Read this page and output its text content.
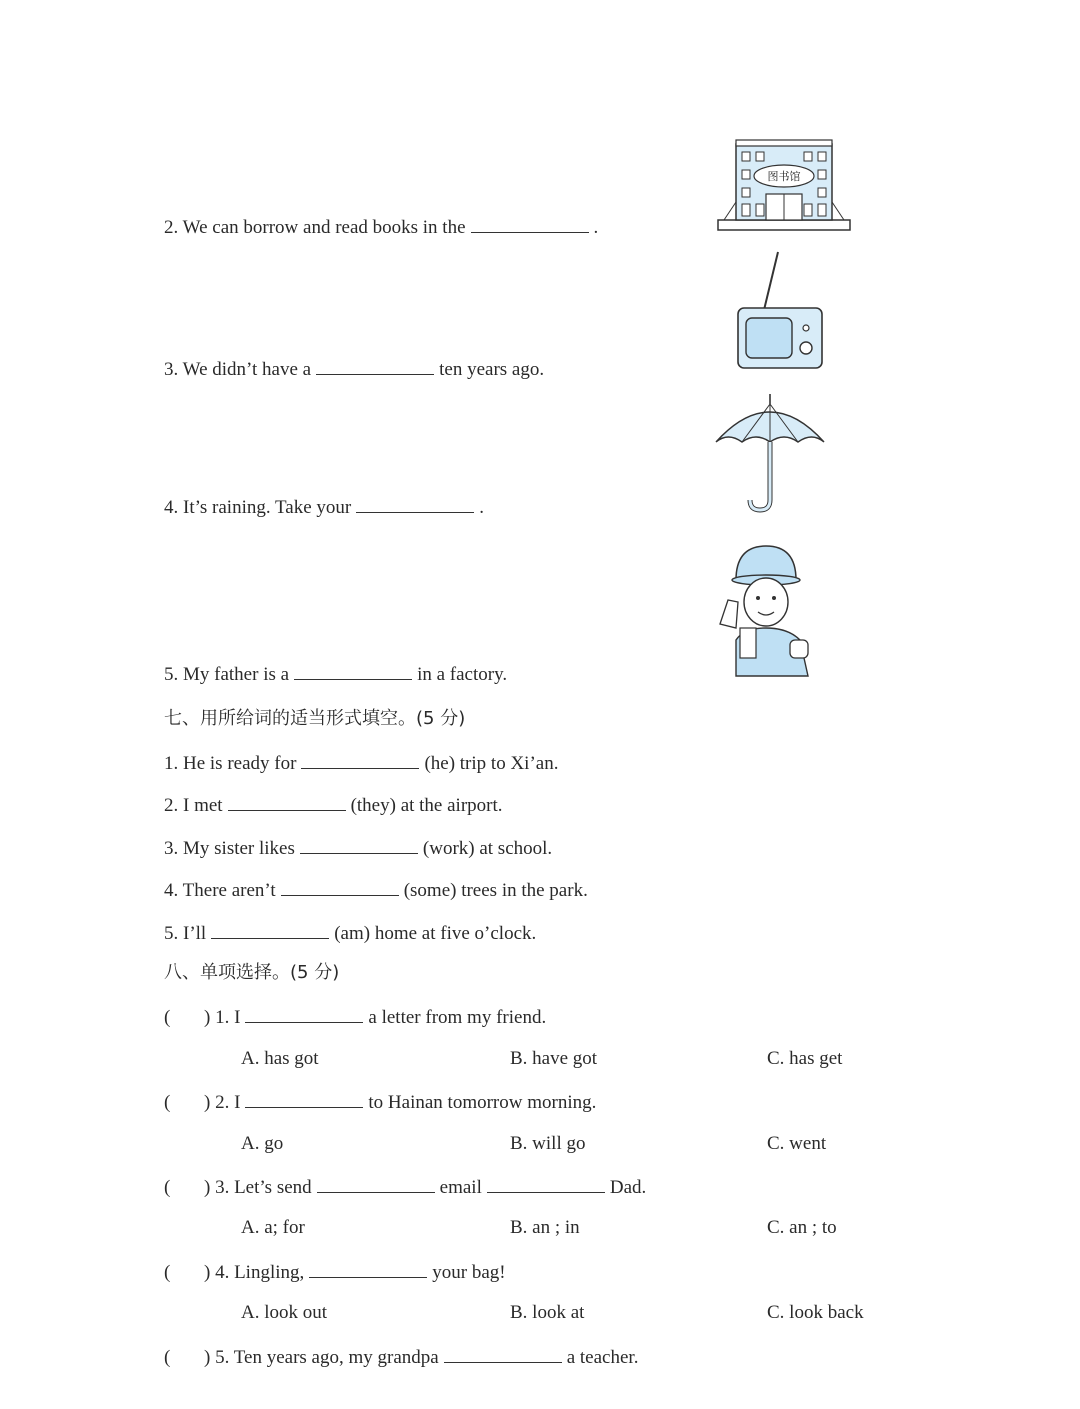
2. We can borrow and read books in the	.
3. We didn’t have a	ten years ago.
4. It’s raining. Take your	.
5. My father is a	in a factory.
图书馆
七、用所给词的适当形式填空。(5 分)
1. He is ready for	(he) trip to Xi’an.
2. I met	(they) at the airport.
3. My sister likes	(work) at school.
4. There aren’t	(some) trees in the park.
5. I’ll	(am) home at five o’clock.
八、单项选择。(5 分)
( ) 1. I	a letter from my friend.
A. has got	B. have got	C. has get
( ) 2. I	to Hainan tomorrow morning.
A. go	B. will go	C. went
( ) 3. Let’s send	email	Dad.
A. a; for	B. an ; in	C. an ; to
( ) 4. Lingling,	your bag!
A. look out	B. look at	C. look back
( ) 5. Ten years ago, my grandpa	a teacher.
